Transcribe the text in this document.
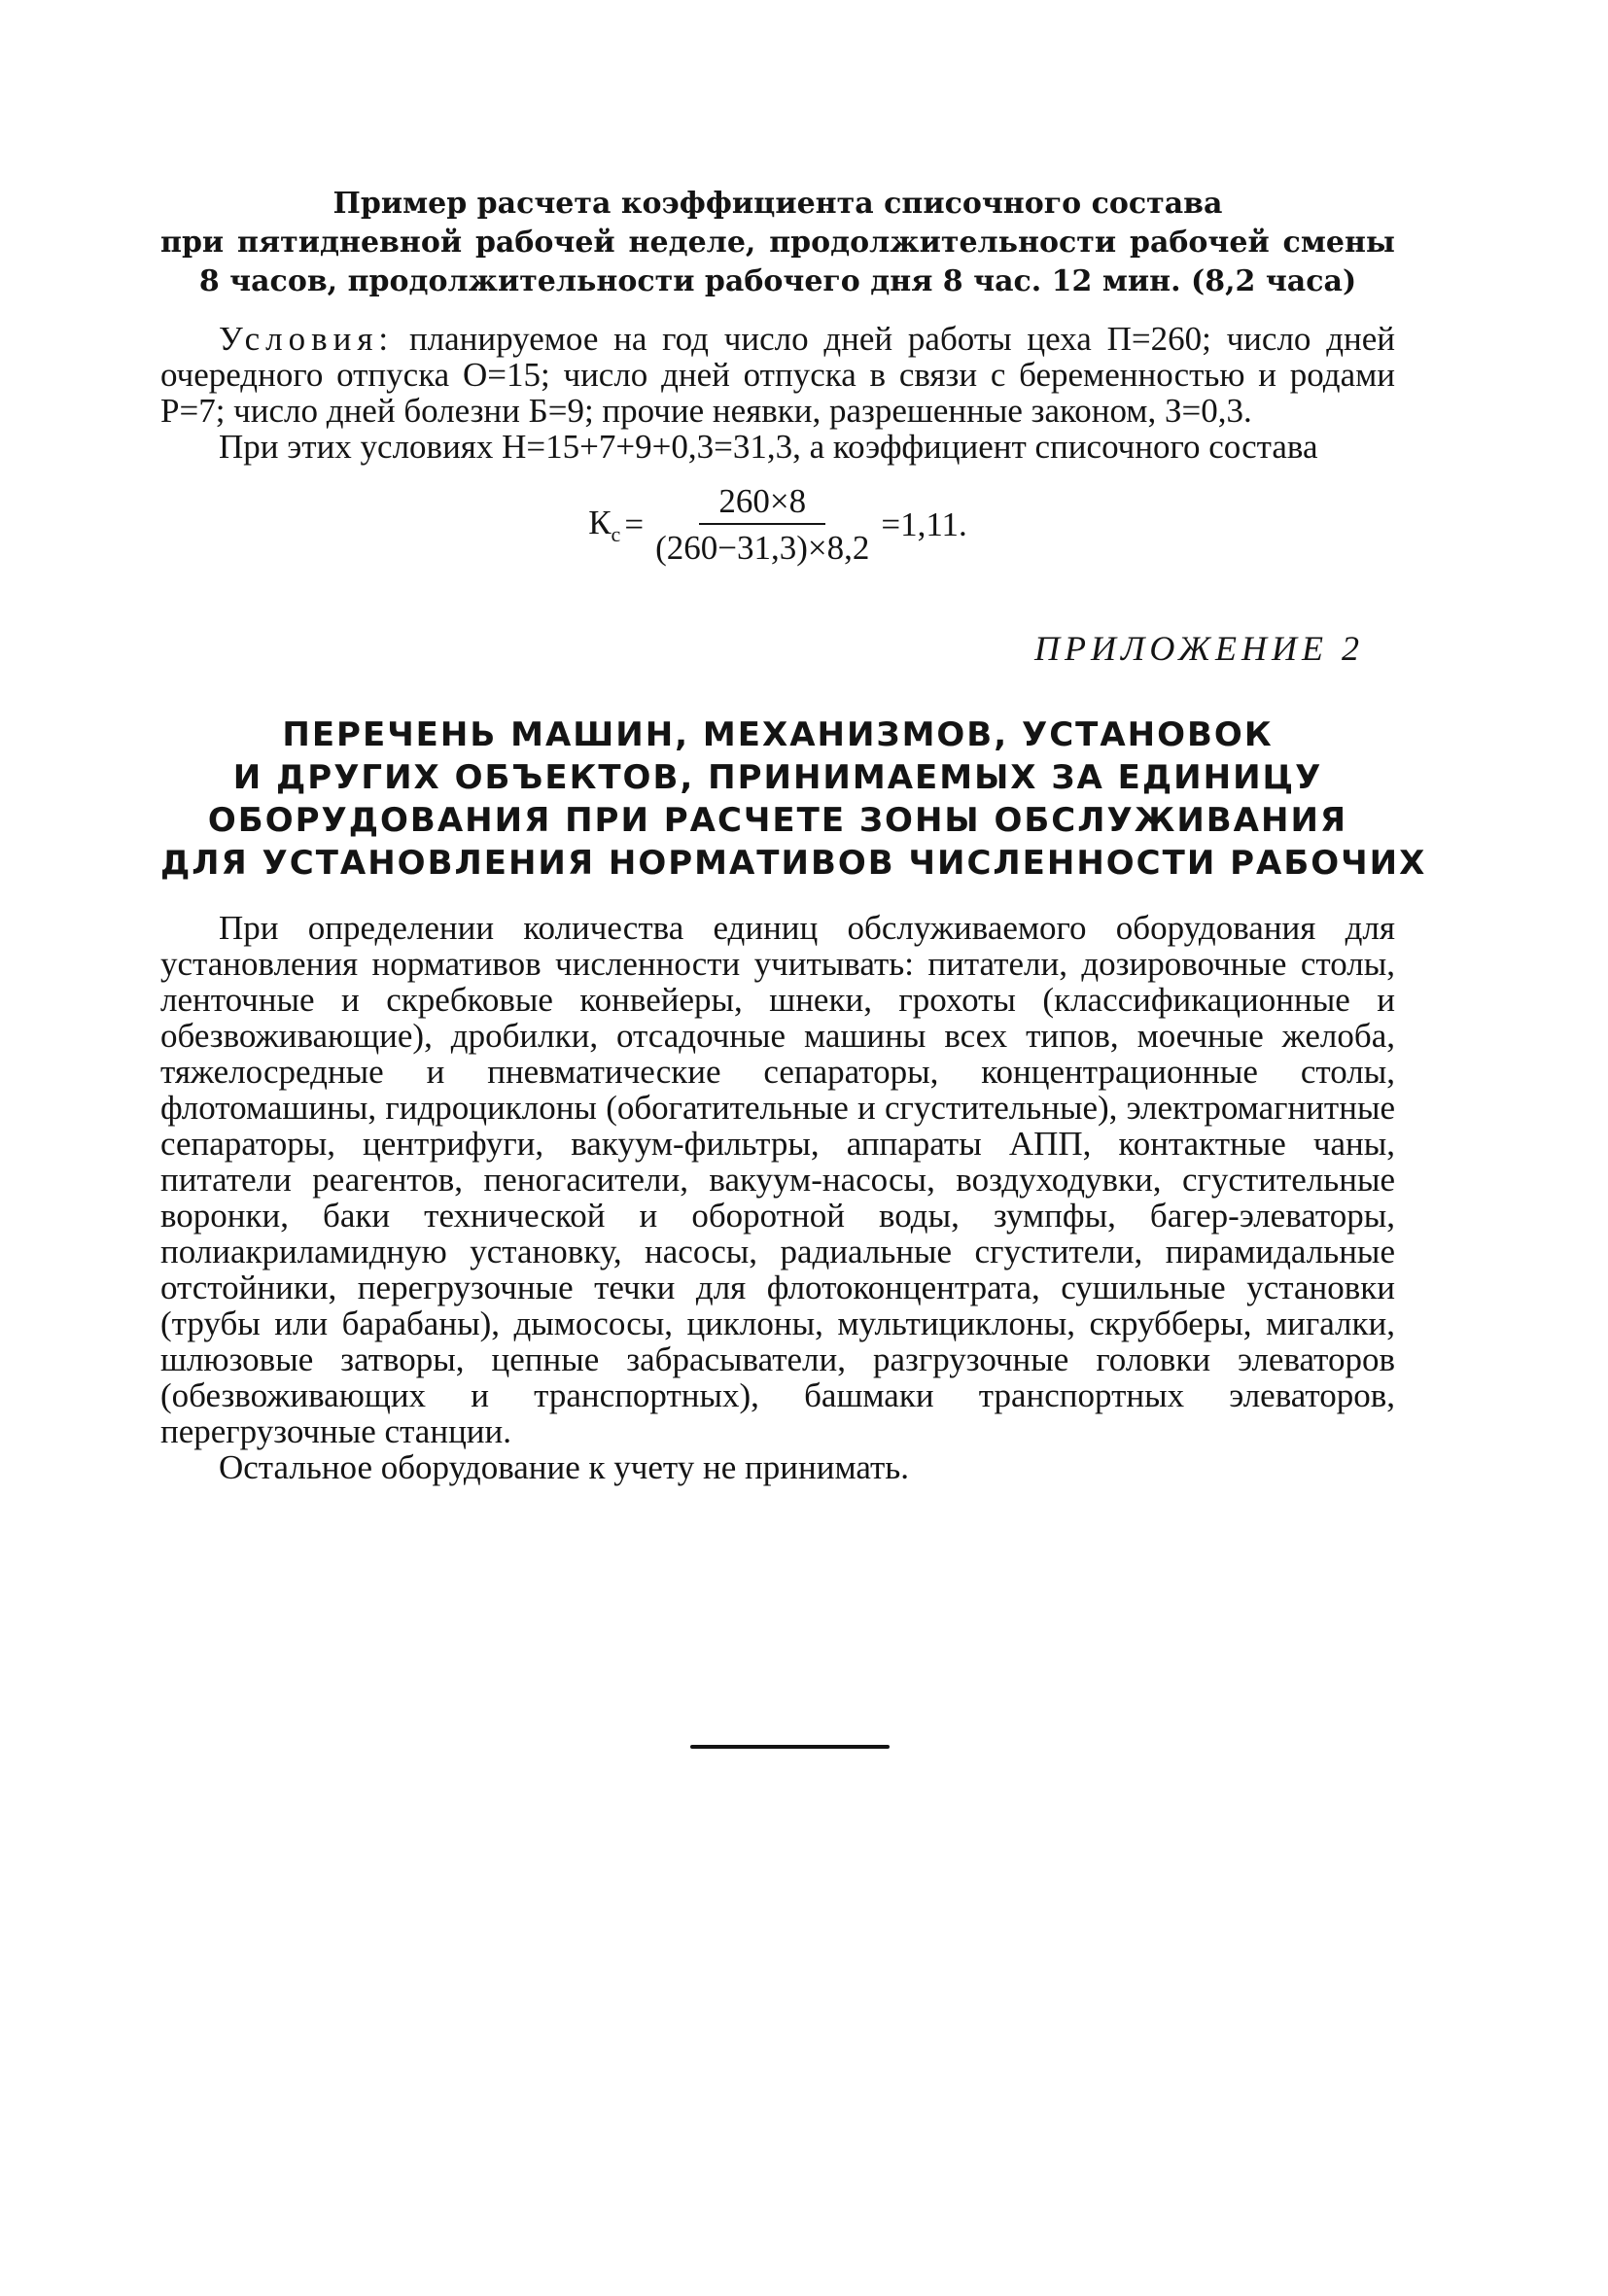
Пример расчета коэффициента списочного состава
при пятидневной рабочей неделе, продолжительности рабочей смены
8 часов, продолжительности рабочего дня 8 час. 12 мин. (8,2 часа)

Условия: планируемое на год число дней работы цеха П=260; число дней очередного отпуска О=15; число дней отпуска в связи с беременностью и родами Р=7; число дней болезни Б=9; прочие неявки, разрешенные законом, З=0,3.

При этих условиях Н=15+7+9+0,3=31,3, а коэффициент списочного состава

$К_с = \frac{260\times 8}{(260-31,3)\times 8,2} =1,11$.
ПРИЛОЖЕНИЕ 2
ПЕРЕЧЕНЬ МАШИН, МЕХАНИЗМОВ, УСТАНОВОК
И ДРУГИХ ОБЪЕКТОВ, ПРИНИМАЕМЫХ ЗА ЕДИНИЦУ
ОБОРУДОВАНИЯ ПРИ РАСЧЕТЕ ЗОНЫ ОБСЛУЖИВАНИЯ
ДЛЯ УСТАНОВЛЕНИЯ НОРМАТИВОВ ЧИСЛЕННОСТИ РАБОЧИХ

При определении количества единиц обслуживаемого оборудования для установления нормативов численности учитывать: питатели, дозировочные столы, ленточные и скребковые конвейеры, шнеки, грохоты (классификационные и обезвоживающие), дробилки, отсадочные машины всех типов, моечные желоба, тяжелосредные и пневматические сепараторы, концентрационные столы, флотомашины, гидроциклоны (обогатительные и сгустительные), электромагнитные сепараторы, центрифуги, вакуум-фильтры, аппараты АПП, контактные чаны, питатели реагентов, пеногасители, вакуум-насосы, воздуходувки, сгустительные воронки, баки технической и оборотной воды, зумпфы, багер-элеваторы, полиакриламидную установку, насосы, радиальные сгустители, пирамидальные отстойники, перегрузочные течки для флотоконцентрата, сушильные установки (трубы или барабаны), дымососы, циклоны, мультициклоны, скрубберы, мигалки, шлюзовые затворы, цепные забрасыватели, разгрузочные головки элеваторов (обезвоживающих и транспортных), башмаки транспортных элеваторов, перегрузочные станции.

Остальное оборудование к учету не принимать.
